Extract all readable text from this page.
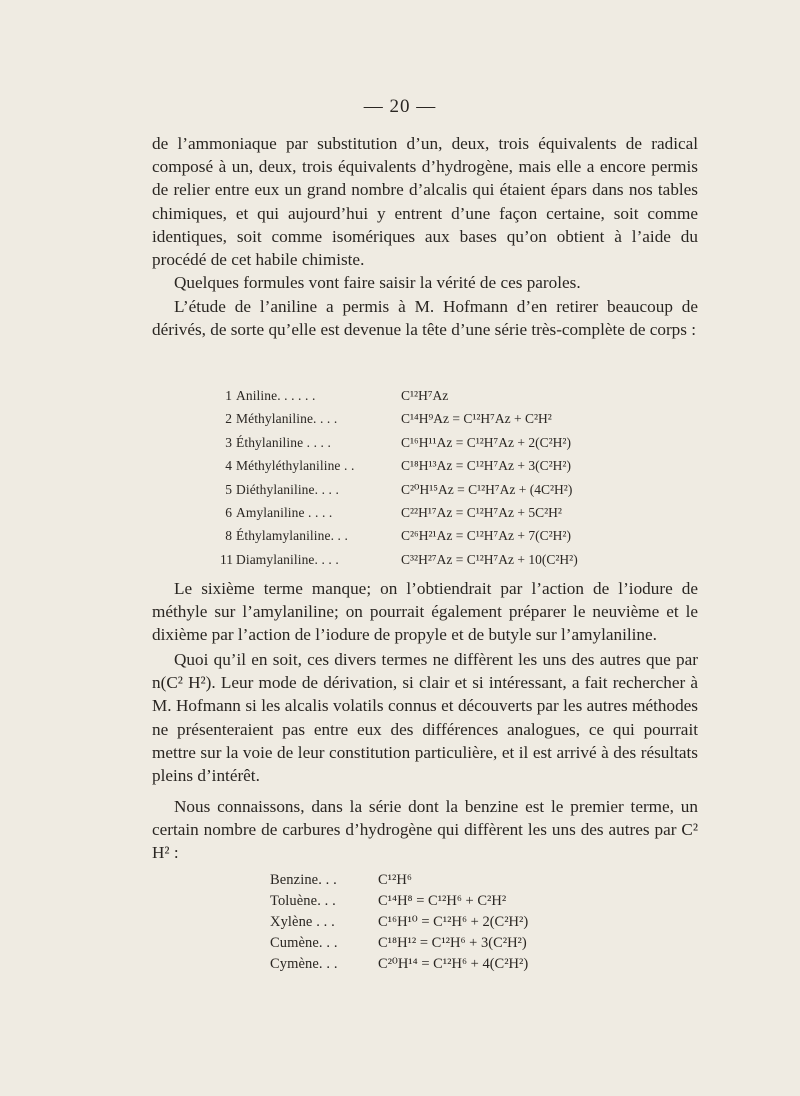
— 20 —

de l’ammoniaque par substitution d’un, deux, trois équivalents de radical composé à un, deux, trois équivalents d’hydrogène, mais elle a encore permis de relier entre eux un grand nombre d’alcalis qui étaient épars dans nos tables chimiques, et qui aujourd’hui y entrent d’une façon certaine, soit comme identiques, soit comme isomériques aux bases qu’on obtient à l’aide du procédé de cet habile chimiste.

Quelques formules vont faire saisir la vérité de ces paroles.

L’étude de l’aniline a permis à M. Hofmann d’en retirer beaucoup de dérivés, de sorte qu’elle est devenue la tête d’une série très-complète de corps :

1 Aniline. . . . . .	C¹²H⁷Az
2 Méthylaniline. . . .	C¹⁴H⁹Az = C¹²H⁷Az + C²H²
3 Éthylaniline . . . .	C¹⁶H¹¹Az = C¹²H⁷Az + 2(C²H²)
4 Méthyléthylaniline . .	C¹⁸H¹³Az = C¹²H⁷Az + 3(C²H²)
5 Diéthylaniline. . . .	C²⁰H¹⁵Az = C¹²H⁷Az + (4C²H²)
6 Amylaniline . . . .	C²²H¹⁷Az = C¹²H⁷Az + 5C²H²
8 Éthylamylaniline. . .	C²⁶H²¹Az = C¹²H⁷Az + 7(C²H²)
11 Diamylaniline. . . .	C³²H²⁷Az = C¹²H⁷Az + 10(C²H²)

Le sixième terme manque; on l’obtiendrait par l’action de l’iodure de méthyle sur l’amylaniline; on pourrait également préparer le neuvième et le dixième par l’action de l’iodure de propyle et de butyle sur l’amylaniline.

Quoi qu’il en soit, ces divers termes ne diffèrent les uns des autres que par n(C² H²). Leur mode de dérivation, si clair et si intéressant, a fait rechercher à M. Hofmann si les alcalis volatils connus et découverts par les autres méthodes ne présenteraient pas entre eux des différences analogues, ce qui pourrait mettre sur la voie de leur constitution particulière, et il est arrivé à des résultats pleins d’intérêt.

Nous connaissons, dans la série dont la benzine est le premier terme, un certain nombre de carbures d’hydrogène qui diffèrent les uns des autres par C² H² :

Benzine. . .	C¹²H⁶
Toluène. . .	C¹⁴H⁸ = C¹²H⁶ + C²H²
Xylène . . .	C¹⁶H¹⁰ = C¹²H⁶ + 2(C²H²)
Cumène. . .	C¹⁸H¹² = C¹²H⁶ + 3(C²H²)
Cymène. . .	C²⁰H¹⁴ = C¹²H⁶ + 4(C²H²)
